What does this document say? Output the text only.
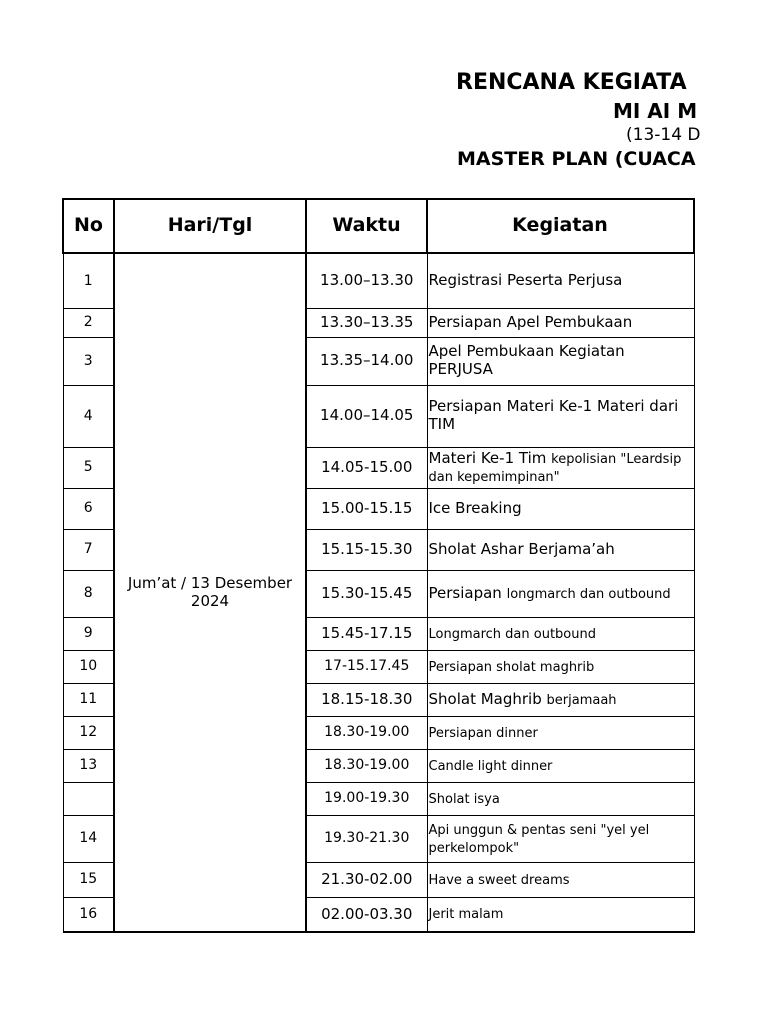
RENCANA KEGIATA
MI AI M
(13-14 D
MASTER PLAN (CUACA
No	Hari/Tgl	Waktu	Kegiatan
1	Jum’at / 13 Desember 2024	13.00–13.30	Registrasi Peserta Perjusa
2		13.30–13.35	Persiapan Apel Pembukaan
3		13.35–14.00	Apel Pembukaan Kegiatan PERJUSA
4		14.00–14.05	Persiapan Materi Ke-1 Materi dari TIM
5		14.05-15.00	Materi Ke-1 Tim kepolisian "Leardsip dan kepemimpinan"
6		15.00-15.15	Ice Breaking
7		15.15-15.30	Sholat Ashar Berjama’ah
8		15.30-15.45	Persiapan longmarch dan outbound
9		15.45-17.15	Longmarch dan outbound
10		17-15.17.45	Persiapan sholat maghrib
11		18.15-18.30	Sholat Maghrib berjamaah
12		18.30-19.00	Persiapan dinner
13		18.30-19.00	Candle light dinner
		19.00-19.30	Sholat isya
14		19.30-21.30	Api unggun & pentas seni "yel yel perkelompok"
15		21.30-02.00	Have a sweet dreams
16		02.00-03.30	Jerit malam
